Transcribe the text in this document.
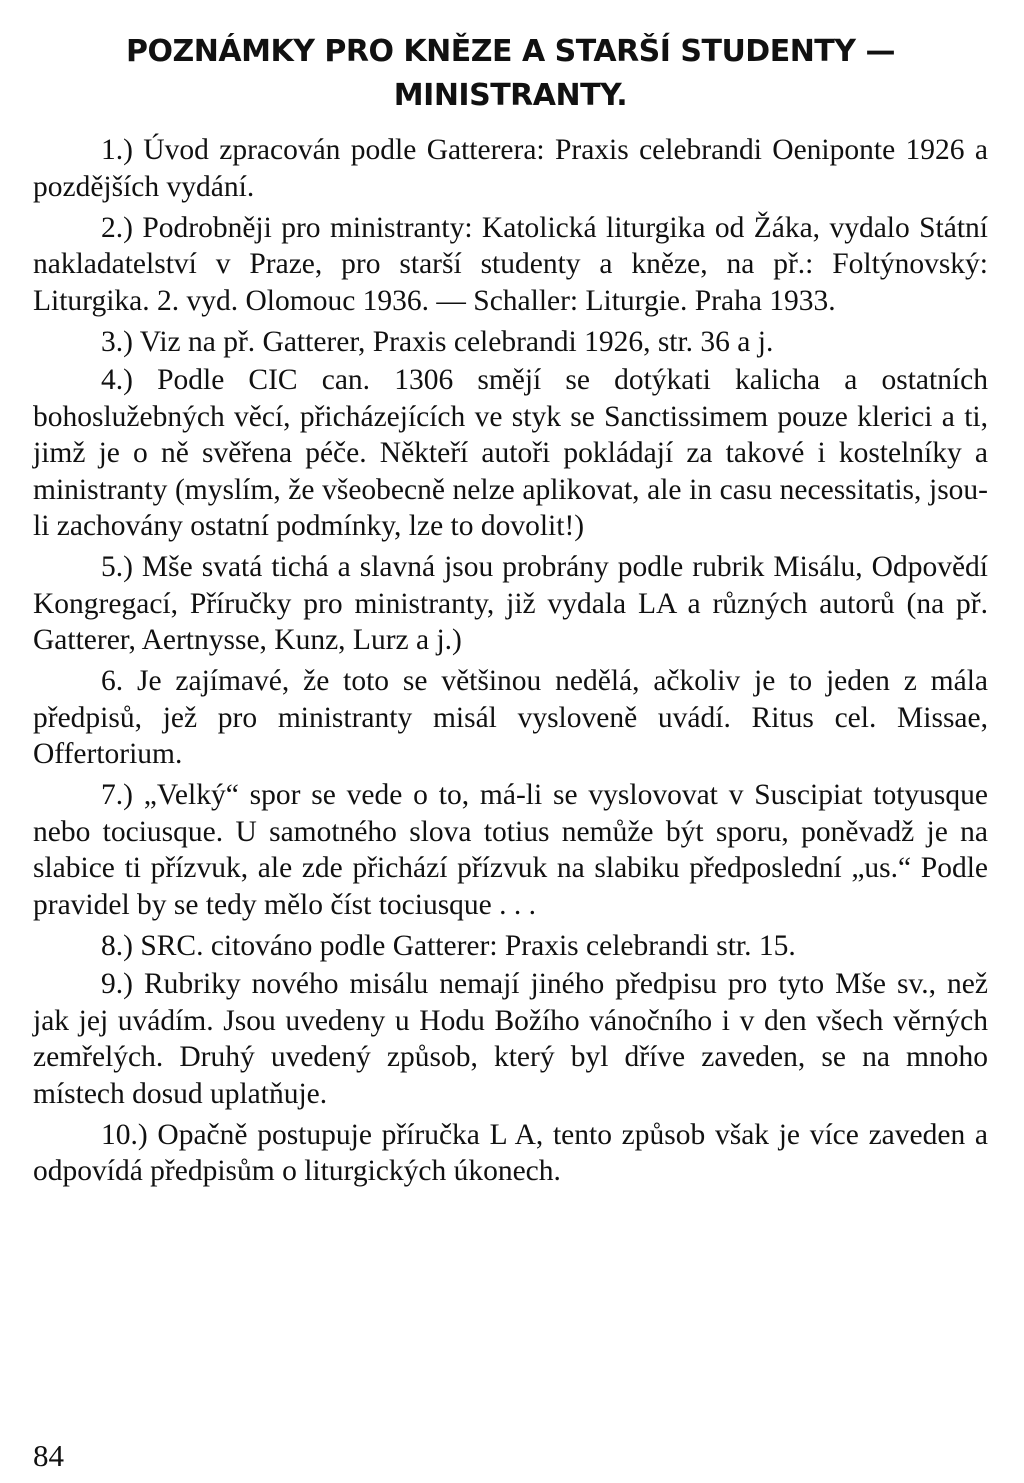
POZNÁMKY PRO KNĚZE A STARŠÍ STUDENTY —
MINISTRANTY.

1.) Úvod zpracován podle Gatterera: Praxis celebrandi Oeniponte 1926 a pozdějších vydání.

2.) Podrobněji pro ministranty: Katolická liturgika od Žáka, vydalo Státní nakladatelství v Praze, pro starší studenty a kněze, na př.: Foltýnovský: Liturgika. 2. vyd. Olomouc 1936. — Schaller: Liturgie. Praha 1933.

3.) Viz na př. Gatterer, Praxis celebrandi 1926, str. 36 a j.

4.) Podle CIC can. 1306 smějí se dotýkati kalicha a ostatních bohoslužebných věcí, přicházejících ve styk se Sanctissimem pouze klerici a ti, jimž je o ně svěřena péče. Někteří autoři pokládají za takové i kostelníky a ministranty (myslím, že všeobecně nelze aplikovat, ale in casu necessitatis, jsou-li zachovány ostatní podmínky, lze to dovolit!)

5.) Mše svatá tichá a slavná jsou probrány podle rubrik Misálu, Odpovědí Kongregací, Příručky pro ministranty, již vydala LA a různých autorů (na př. Gatterer, Aertnysse, Kunz, Lurz a j.)

6. Je zajímavé, že toto se většinou nedělá, ačkoliv je to jeden z mála předpisů, jež pro ministranty misál vysloveně uvádí. Ritus cel. Missae, Offertorium.

7.) „Velký“ spor se vede o to, má-li se vyslovovat v Suscipiat totyusque nebo tociusque. U samotného slova totius nemůže být sporu, poněvadž je na slabice ti přízvuk, ale zde přichází přízvuk na slabiku předposlední „us.“ Podle pravidel by se tedy mělo číst tociusque . . .

8.) SRC. citováno podle Gatterer: Praxis celebrandi str. 15.

9.) Rubriky nového misálu nemají jiného předpisu pro tyto Mše sv., než jak jej uvádím. Jsou uvedeny u Hodu Božího vánočního i v den všech věrných zemřelých. Druhý uvedený způsob, který byl dříve zaveden, se na mnoho místech dosud uplatňuje.

10.) Opačně postupuje příručka L A, tento způsob však je více zaveden a odpovídá předpisům o liturgických úkonech.

84
